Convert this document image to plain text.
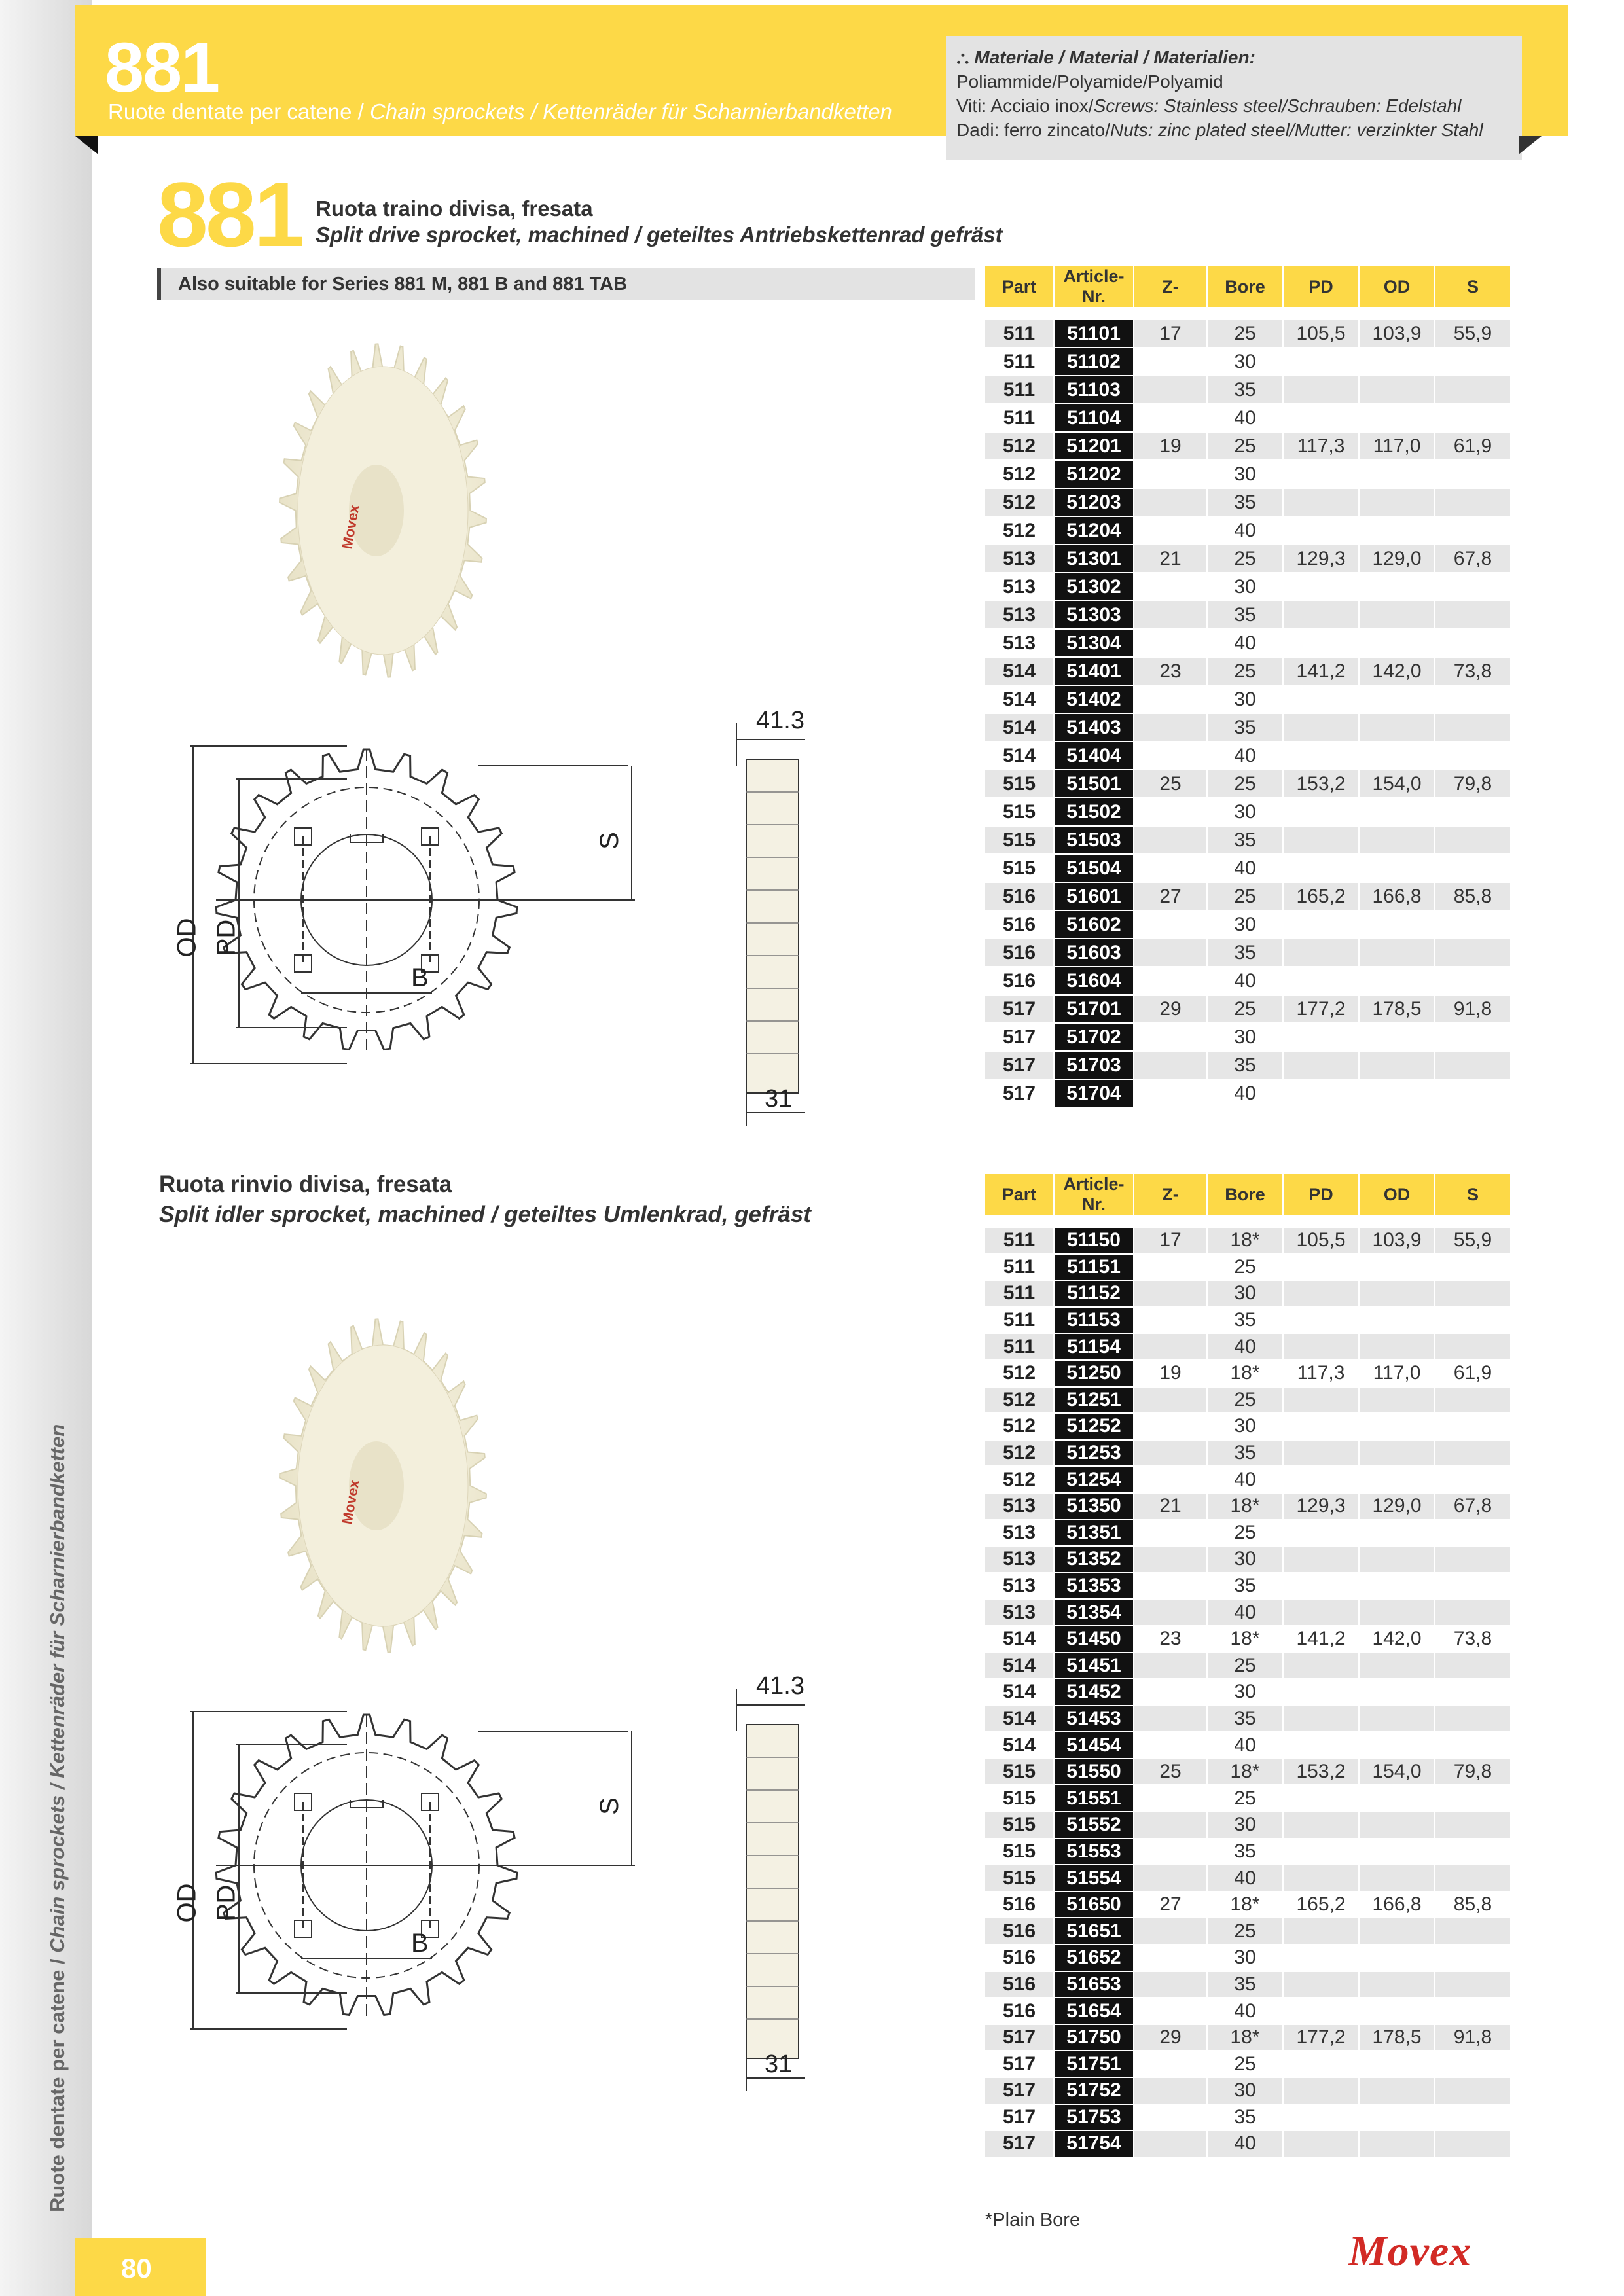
Ruote dentate per catene / Chain sprockets / Kettenräder für Scharnierbandketten
881
Ruote dentate per catene / Chain sprockets / Kettenräder für Scharnierbandketten
⛬ Materiale / Material / Materialien:
Poliammide/Polyamide/Polyamid
Viti: Acciaio inox/Screws: Stainless steel/Schrauben: Edelstahl
Dadi: ferro zincato/Nuts: zinc plated steel/Mutter: verzinkter Stahl
881 Ruota traino divisa, fresata
Split drive sprocket, machined / geteiltes Antriebskettenrad gefräst
Also suitable for Series 881 M, 881 B and 881 TAB
Movex
OD PD
S
B
41.3
31
Part	Article-Nr.	Z-	Bore	PD	OD	S

511	51101	17	25	105,5	103,9	55,9
511	51102		30			
511	51103		35			
511	51104		40			
512	51201	19	25	117,3	117,0	61,9
512	51202		30			
512	51203		35			
512	51204		40			
513	51301	21	25	129,3	129,0	67,8
513	51302		30			
513	51303		35			
513	51304		40			
514	51401	23	25	141,2	142,0	73,8
514	51402		30			
514	51403		35			
514	51404		40			
515	51501	25	25	153,2	154,0	79,8
515	51502		30			
515	51503		35			
515	51504		40			
516	51601	27	25	165,2	166,8	85,8
516	51602		30			
516	51603		35			
516	51604		40			
517	51701	29	25	177,2	178,5	91,8
517	51702		30			
517	51703		35			
517	51704		40			
Ruota rinvio divisa, fresata
Split idler sprocket, machined / geteiltes Umlenkrad, gefräst
Movex
OD PD
S
B
41.3
31
Part	Article-Nr.	Z-	Bore	PD	OD	S

511	51150	17	18*	105,5	103,9	55,9
511	51151		25			
511	51152		30			
511	51153		35			
511	51154		40			
512	51250	19	18*	117,3	117,0	61,9
512	51251		25			
512	51252		30			
512	51253		35			
512	51254		40			
513	51350	21	18*	129,3	129,0	67,8
513	51351		25			
513	51352		30			
513	51353		35			
513	51354		40			
514	51450	23	18*	141,2	142,0	73,8
514	51451		25			
514	51452		30			
514	51453		35			
514	51454		40			
515	51550	25	18*	153,2	154,0	79,8
515	51551		25			
515	51552		30			
515	51553		35			
515	51554		40			
516	51650	27	18*	165,2	166,8	85,8
516	51651		25			
516	51652		30			
516	51653		35			
516	51654		40			
517	51750	29	18*	177,2	178,5	91,8
517	51751		25			
517	51752		30			
517	51753		35			
517	51754		40			
*Plain Bore
80	Movex
